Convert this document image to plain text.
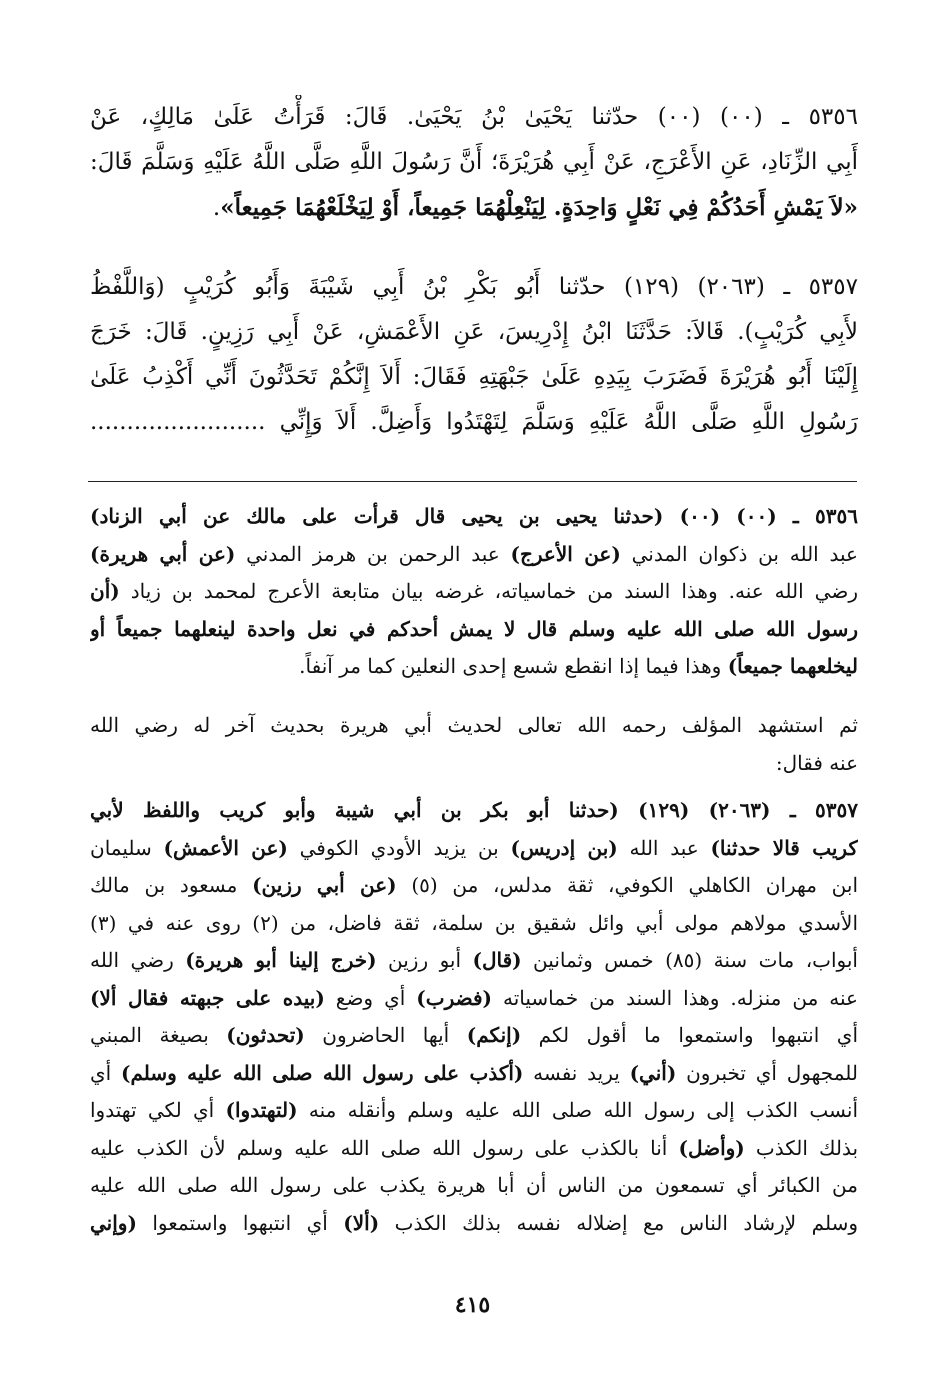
٥٣٥٦ ـ (٠٠) (٠٠) حدّثنا يَحْيَىٰ بْنُ يَحْيَىٰ. قَالَ: قَرَأْتُ عَلَىٰ مَالِكٍ، عَنْ
أَبِي الزِّنَادِ، عَنِ الأَعْرَجِ، عَنْ أَبِي هُرَيْرَةَ؛ أَنَّ رَسُولَ اللَّهِ صَلَّى اللَّهُ عَلَيْهِ وَسَلَّمَ قَالَ:
«لاَ يَمْشِ أَحَدُكُمْ فِي نَعْلٍ وَاحِدَةٍ. لِيَنْعِلْهُمَا جَمِيعاً، أَوْ لِيَخْلَعْهُمَا جَمِيعاً».
٥٣٥٧ ـ (٢٠٦٣) (١٢٩) حدّثنا أَبُو بَكْرِ بْنُ أَبِي شَيْبَةَ وَأَبُو كُرَيْبٍ (وَاللَّفْظُ
لأَبِي كُرَيْبٍ). قَالاَ: حَدَّثَنَا ابْنُ إِدْرِيسَ، عَنِ الأَعْمَشِ، عَنْ أَبِي رَزِينٍ. قَالَ: خَرَجَ
إِلَيْنَا أَبُو هُرَيْرَةَ فَضَرَبَ بِيَدِهِ عَلَىٰ جَبْهَتِهِ فَقَالَ: أَلاَ إِنَّكُمْ تَحَدَّثُونَ أَنِّي أَكْذِبُ عَلَىٰ
رَسُولِ اللَّهِ صَلَّى اللَّهُ عَلَيْهِ وَسَلَّمَ لِتَهْتَدُوا وَأَضِلَّ. أَلاَ وَإِنِّي ........................
٥٣٥٦ ـ (٠٠) (٠٠) (حدثنا يحيى بن يحيى قال قرأت على مالك عن أبي الزناد)
عبد الله بن ذكوان المدني (عن الأعرج) عبد الرحمن بن هرمز المدني (عن أبي هريرة)
رضي الله عنه. وهذا السند من خماسياته، غرضه بيان متابعة الأعرج لمحمد بن زياد (أن
رسول الله صلى الله عليه وسلم قال لا يمش أحدكم في نعل واحدة لينعلهما جميعاً أو
ليخلعهما جميعاً) وهذا فيما إذا انقطع شسع إحدى النعلين كما مر آنفاً.
ثم استشهد المؤلف رحمه الله تعالى لحديث أبي هريرة بحديث آخر له رضي الله
عنه فقال:
٥٣٥٧ ـ (٢٠٦٣) (١٢٩) (حدثنا أبو بكر بن أبي شيبة وأبو كريب واللفظ لأبي
كريب قالا حدثنا) عبد الله (بن إدريس) بن يزيد الأودي الكوفي (عن الأعمش) سليمان
ابن مهران الكاهلي الكوفي، ثقة مدلس، من (٥) (عن أبي رزين) مسعود بن مالك
الأسدي مولاهم مولى أبي وائل شقيق بن سلمة، ثقة فاضل، من (٢) روى عنه في (٣)
أبواب، مات سنة (٨٥) خمس وثمانين (قال) أبو رزين (خرج إلينا أبو هريرة) رضي الله
عنه من منزله. وهذا السند من خماسياته (فضرب) أي وضع (بيده على جبهته فقال ألا)
أي انتبهوا واستمعوا ما أقول لكم (إنكم) أيها الحاضرون (تحدثون) بصيغة المبني
للمجهول أي تخبرون (أني) يريد نفسه (أكذب على رسول الله صلى الله عليه وسلم) أي
أنسب الكذب إلى رسول الله صلى الله عليه وسلم وأنقله منه (لتهتدوا) أي لكي تهتدوا
بذلك الكذب (وأضل) أنا بالكذب على رسول الله صلى الله عليه وسلم لأن الكذب عليه
من الكبائر أي تسمعون من الناس أن أبا هريرة يكذب على رسول الله صلى الله عليه
وسلم لإرشاد الناس مع إضلاله نفسه بذلك الكذب (ألا) أي انتبهوا واستمعوا (وإني
٤١٥
